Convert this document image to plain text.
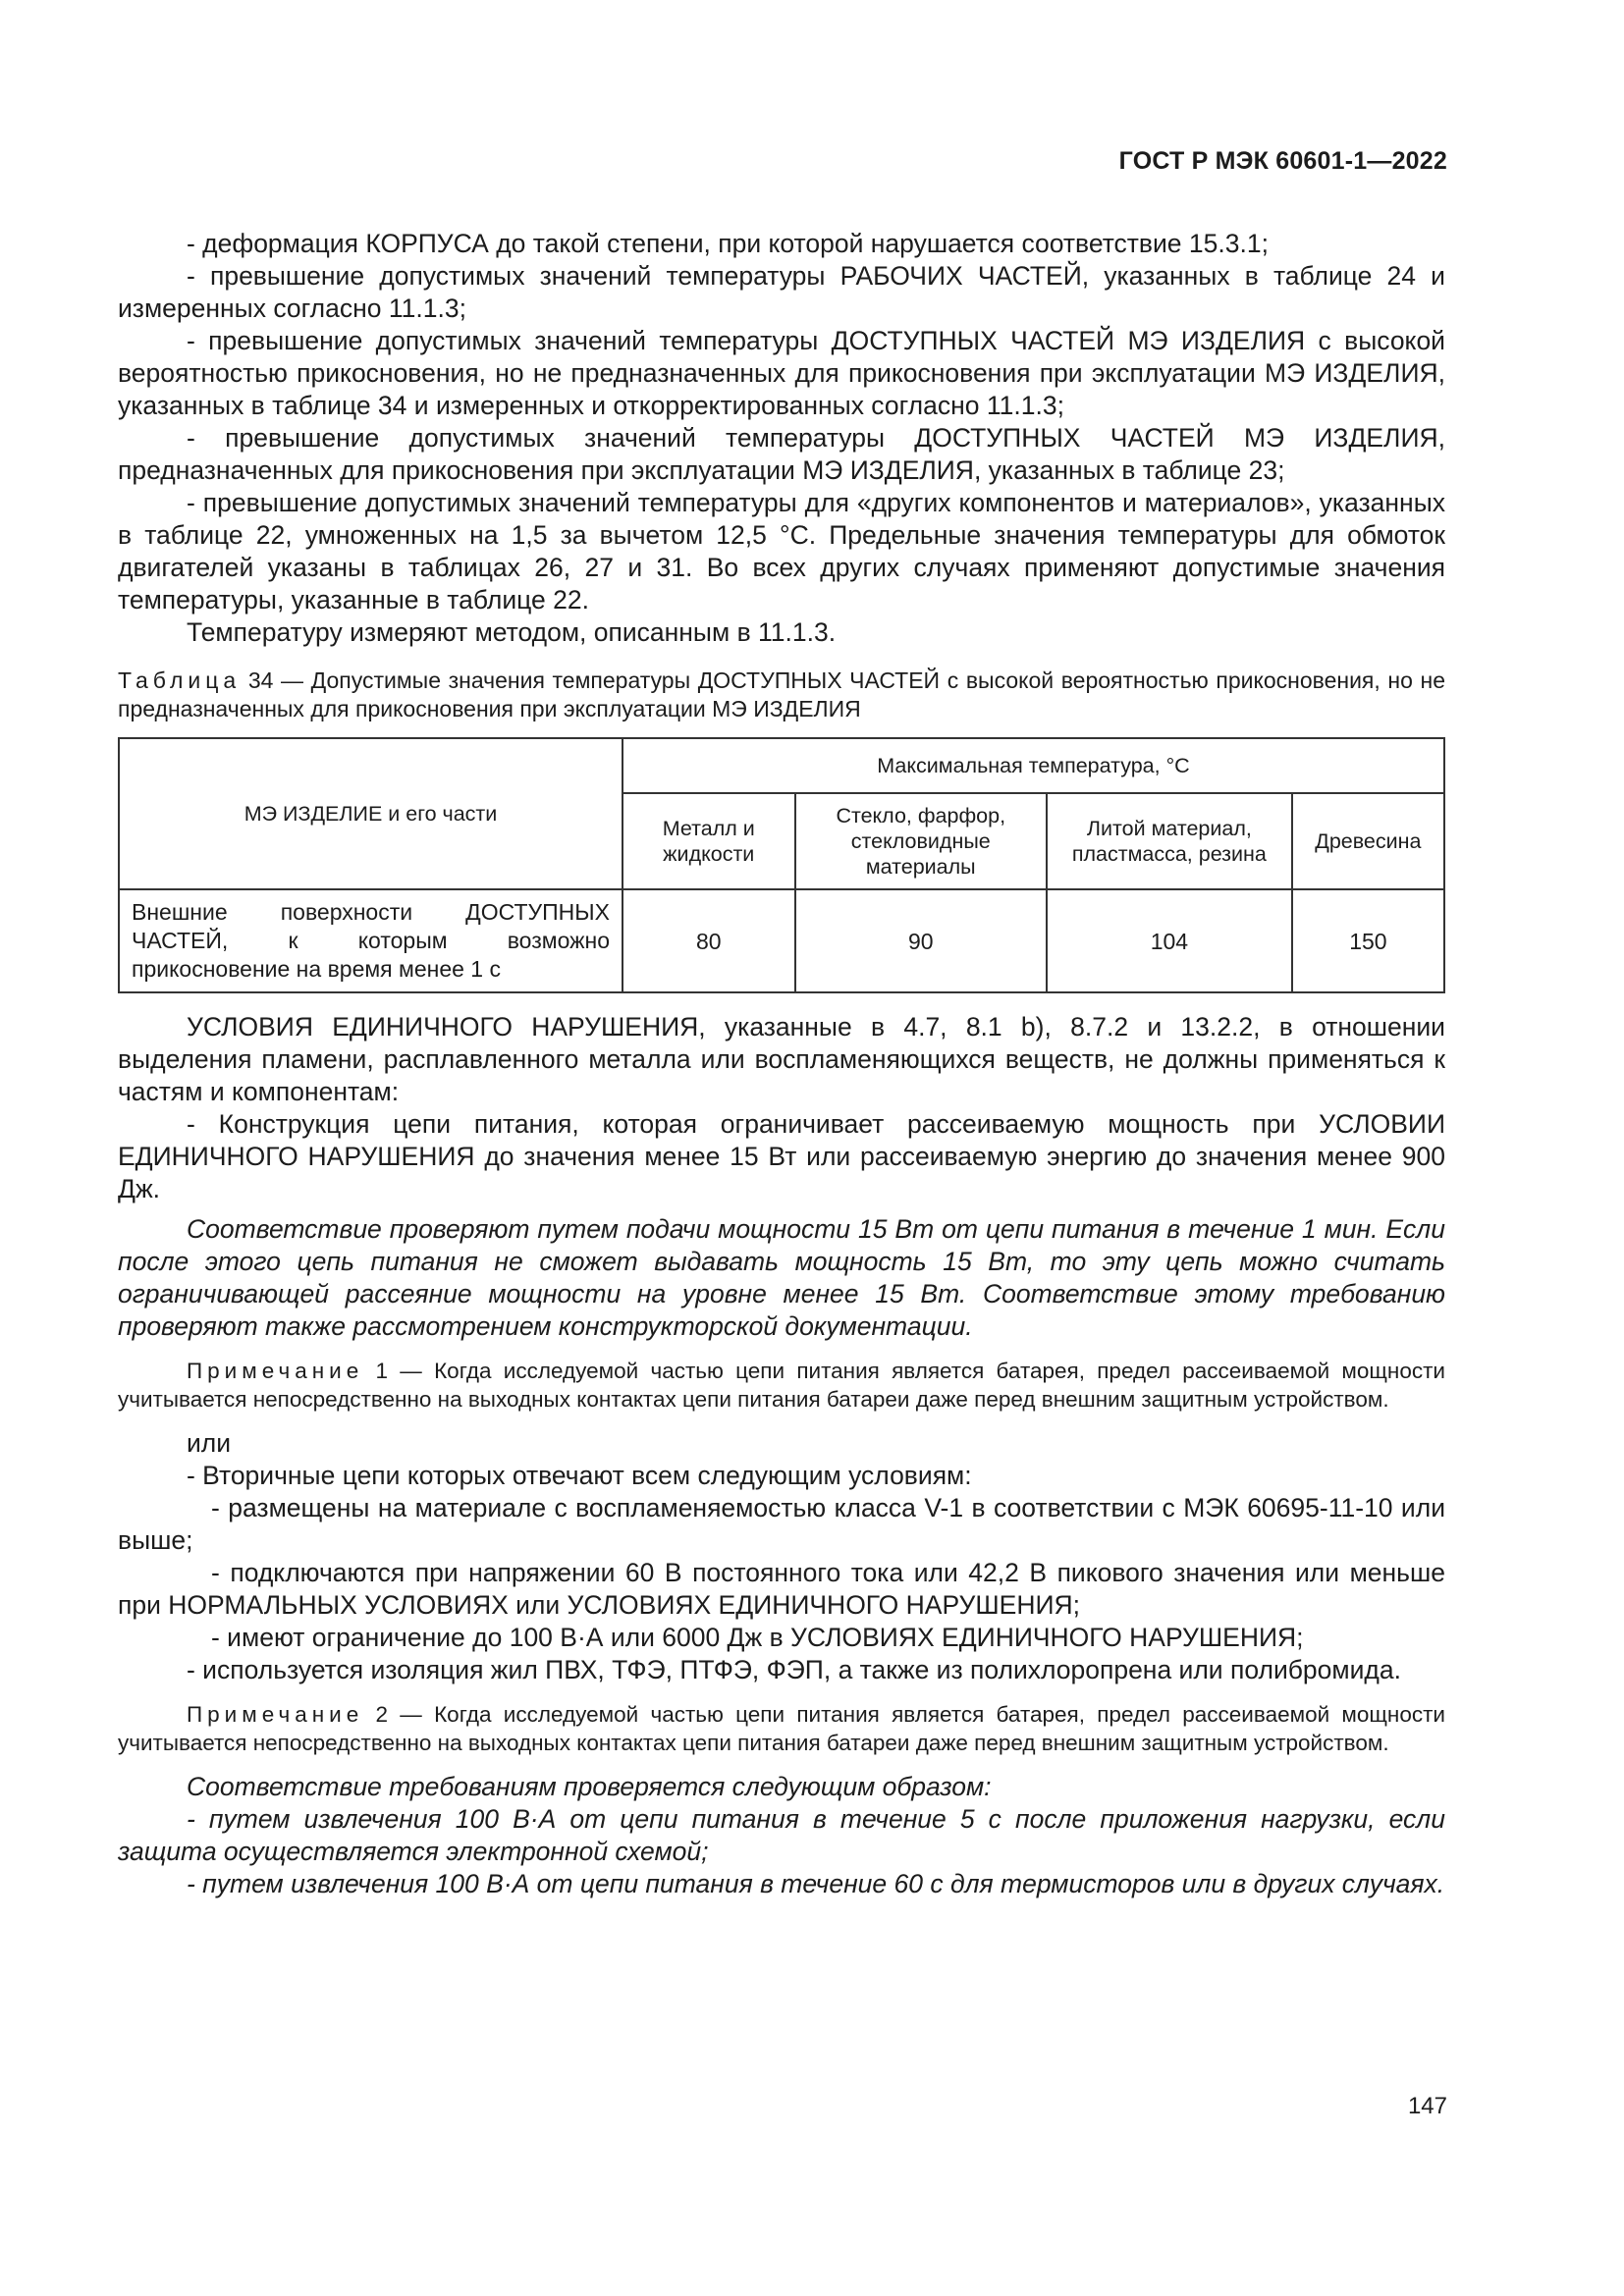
ГОСТ Р МЭК 60601-1—2022

- деформация КОРПУСА до такой степени, при которой нарушается соответствие 15.3.1;

- превышение допустимых значений температуры РАБОЧИХ ЧАСТЕЙ, указанных в таблице 24 и измеренных согласно 11.1.3;

- превышение допустимых значений температуры ДОСТУПНЫХ ЧАСТЕЙ МЭ ИЗДЕЛИЯ с высокой вероятностью прикосновения, но не предназначенных для прикосновения при эксплуатации МЭ ИЗДЕЛИЯ, указанных в таблице 34 и измеренных и откорректированных согласно 11.1.3;

- превышение допустимых значений температуры ДОСТУПНЫХ ЧАСТЕЙ МЭ ИЗДЕЛИЯ, предназначенных для прикосновения при эксплуатации МЭ ИЗДЕЛИЯ, указанных в таблице 23;

- превышение допустимых значений температуры для «других компонентов и материалов», указанных в таблице 22, умноженных на 1,5 за вычетом 12,5 °С. Предельные значения температуры для обмоток двигателей указаны в таблицах 26, 27 и 31. Во всех других случаях применяют допустимые значения температуры, указанные в таблице 22.

Температуру измеряют методом, описанным в 11.1.3.

Таблица 34 — Допустимые значения температуры ДОСТУПНЫХ ЧАСТЕЙ с высокой вероятностью прикосновения, но не предназначенных для прикосновения при эксплуатации МЭ ИЗДЕЛИЯ

МЭ ИЗДЕЛИЕ и его части	Максимальная температура, °С			
	Металл и жидкости	Стекло, фарфор, стекловидные материалы	Литой материал, пластмасса, резина	Древесина
Внешние поверхности ДОСТУПНЫХ ЧАСТЕЙ, к которым возможно прикосновение на время менее 1 с	80	90	104	150

УСЛОВИЯ ЕДИНИЧНОГО НАРУШЕНИЯ, указанные в 4.7, 8.1 b), 8.7.2 и 13.2.2, в отношении выделения пламени, расплавленного металла или воспламеняющихся веществ, не должны применяться к частям и компонентам:

- Конструкция цепи питания, которая ограничивает рассеиваемую мощность при УСЛОВИИ ЕДИНИЧНОГО НАРУШЕНИЯ до значения менее 15 Вт или рассеиваемую энергию до значения менее 900 Дж.

Соответствие проверяют путем подачи мощности 15 Вт от цепи питания в течение 1 мин. Если после этого цепь питания не сможет выдавать мощность 15 Вт, то эту цепь можно считать ограничивающей рассеяние мощности на уровне менее 15 Вт. Соответствие этому требованию проверяют также рассмотрением конструкторской документации.

Примечание 1 — Когда исследуемой частью цепи питания является батарея, предел рассеиваемой мощности учитывается непосредственно на выходных контактах цепи питания батареи даже перед внешним защитным устройством.

или

- Вторичные цепи которых отвечают всем следующим условиям:

- размещены на материале с воспламеняемостью класса V-1 в соответствии с МЭК 60695-11-10 или выше;

- подключаются при напряжении 60 В постоянного тока или 42,2 В пикового значения или меньше при НОРМАЛЬНЫХ УСЛОВИЯХ или УСЛОВИЯХ ЕДИНИЧНОГО НАРУШЕНИЯ;

- имеют ограничение до 100 В·А или 6000 Дж в УСЛОВИЯХ ЕДИНИЧНОГО НАРУШЕНИЯ;

- используется изоляция жил ПВХ, ТФЭ, ПТФЭ, ФЭП, а также из полихлоропрена или полибромида.

Примечание 2 — Когда исследуемой частью цепи питания является батарея, предел рассеиваемой мощности учитывается непосредственно на выходных контактах цепи питания батареи даже перед внешним защитным устройством.

Соответствие требованиям проверяется следующим образом:

- путем извлечения 100 В·А от цепи питания в течение 5 с после приложения нагрузки, если защита осуществляется электронной схемой;

- путем извлечения 100 В·А от цепи питания в течение 60 с для термисторов или в других случаях.

147
